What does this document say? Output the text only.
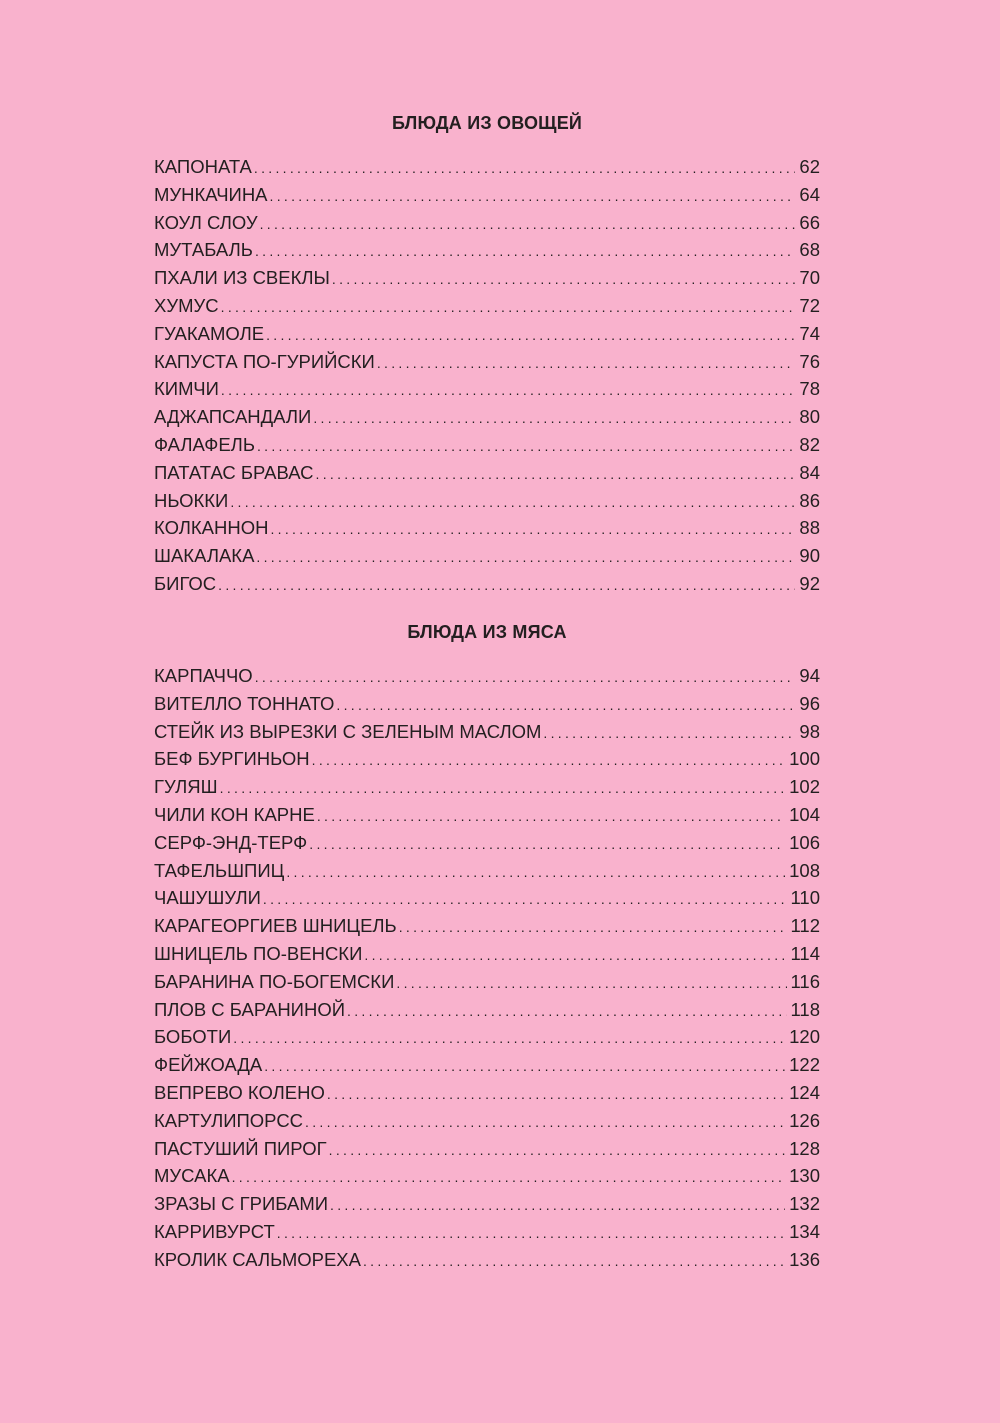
БЛЮДА ИЗ ОВОЩЕЙ
КАПОНАТА .....	62
МУНКАЧИНА .....	64
КОУЛ СЛОУ .....	66
МУТАБАЛЬ .....	68
ПХАЛИ ИЗ СВЕКЛЫ .....	70
ХУМУС .....	72
ГУАКАМОЛЕ .....	74
КАПУСТА ПО-ГУРИЙСКИ .....	76
КИМЧИ .....	78
АДЖАПСАНДАЛИ .....	80
ФАЛАФЕЛЬ .....	82
ПАТАТАС БРАВАС .....	84
НЬОККИ .....	86
КОЛКАННОН .....	88
ШАКАЛАКА .....	90
БИГОС .....	92
БЛЮДА ИЗ МЯСА
КАРПАЧЧО .....	94
ВИТЕЛЛО ТОННАТО .....	96
СТЕЙК ИЗ ВЫРЕЗКИ С ЗЕЛЕНЫМ МАСЛОМ .....	98
БЕФ БУРГИНЬОН .....	100
ГУЛЯШ .....	102
ЧИЛИ КОН КАРНЕ .....	104
СЕРФ-ЭНД-ТЕРФ .....	106
ТАФЕЛЬШПИЦ .....	108
ЧАШУШУЛИ .....	110
КАРАГЕОРГИЕВ ШНИЦЕЛЬ .....	112
ШНИЦЕЛЬ ПО-ВЕНСКИ .....	114
БАРАНИНА ПО-БОГЕМСКИ .....	116
ПЛОВ С БАРАНИНОЙ .....	118
БОБОТИ .....	120
ФЕЙЖОАДА .....	122
ВЕПРЕВО КОЛЕНО .....	124
КАРТУЛИПОРСС .....	126
ПАСТУШИЙ ПИРОГ .....	128
МУСАКА .....	130
ЗРАЗЫ С ГРИБАМИ .....	132
КАРРИВУРСТ .....	134
КРОЛИК САЛЬМОРЕХА .....	136
